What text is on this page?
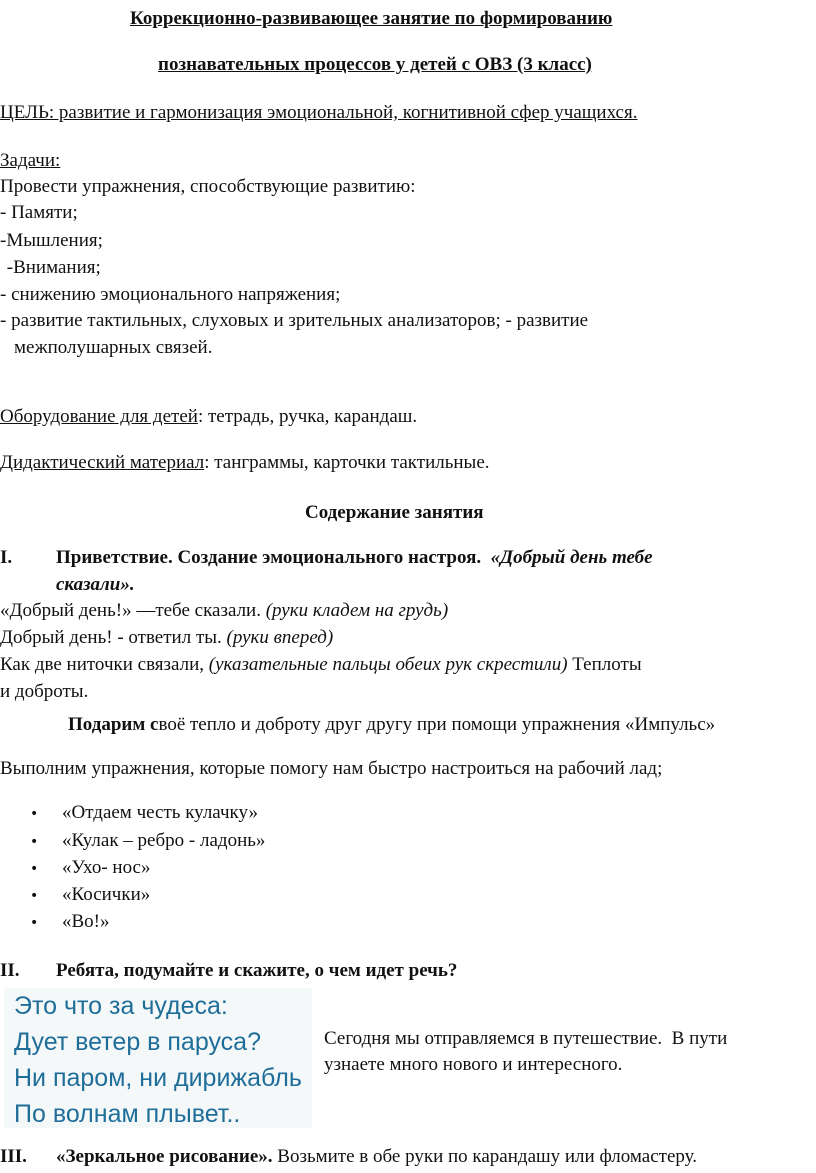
Коррекционно-развивающее занятие по формированию
познавательных процессов у детей с ОВЗ (3 класс)
ЦЕЛЬ: развитие и гармонизация эмоциональной, когнитивной сфер учащихся.
Задачи:
Провести упражнения, способствующие развитию:
- Памяти;
-Мышления;
-Внимания;
- снижению эмоционального напряжения;
- развитие тактильных, слуховых и зрительных анализаторов; - развитие
межполушарных связей.
Оборудование для детей: тетрадь, ручка, карандаш.
Дидактический материал: танграммы, карточки тактильные.
Содержание занятия
I. Приветствие. Создание эмоционального настроя. «Добрый день тебе
сказали».
«Добрый день!» —тебе сказали. (руки кладем на грудь)
Добрый день! - ответил ты. (руки вперед)
Как две ниточки связали, (указательные пальцы обеих рук скрестили) Теплоты
и доброты.
Подарим своё тепло и доброту друг другу при помощи упражнения «Импульс»
Выполним упражнения, которые помогу нам быстро настроиться на рабочий лад;
• «Отдаем честь кулачку»
• «Кулак – ребро - ладонь»
• «Ухо- нос»
• «Косички»
• «Во!»
II. Ребята, подумайте и скажите, о чем идет речь?
Это что за чудеса:
Дует ветер в паруса?
Ни паром, ни дирижабль
По волнам плывет..
Сегодня мы отправляемся в путешествие.  В пути
узнаете много нового и интересного.
III. «Зеркальное рисование». Возьмите в обе руки по карандашу или фломастеру.
